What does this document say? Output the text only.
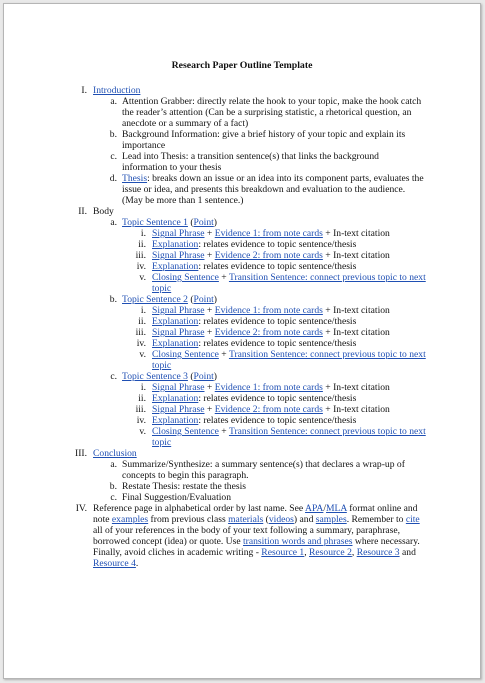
Research Paper Outline Template
I. Introduction
a. Attention Grabber: directly relate the hook to your topic, make the hook catch
the reader’s attention (Can be a surprising statistic, a rhetorical question, an
anecdote or a summary of a fact)
b. Background Information: give a brief history of your topic and explain its
importance
c. Lead into Thesis: a transition sentence(s) that links the background
information to your thesis
d. Thesis: breaks down an issue or an idea into its component parts, evaluates the
issue or idea, and presents this breakdown and evaluation to the audience.
(May be more than 1 sentence.)
II. Body
a. Topic Sentence 1 (Point)
i. Signal Phrase + Evidence 1: from note cards + In-text citation
ii. Explanation: relates evidence to topic sentence/thesis
iii. Signal Phrase + Evidence 2: from note cards + In-text citation
iv. Explanation: relates evidence to topic sentence/thesis
v. Closing Sentence + Transition Sentence: connect previous topic to next
topic
b. Topic Sentence 2 (Point)
i. Signal Phrase + Evidence 1: from note cards + In-text citation
ii. Explanation: relates evidence to topic sentence/thesis
iii. Signal Phrase + Evidence 2: from note cards + In-text citation
iv. Explanation: relates evidence to topic sentence/thesis
v. Closing Sentence + Transition Sentence: connect previous topic to next
topic
c. Topic Sentence 3 (Point)
i. Signal Phrase + Evidence 1: from note cards + In-text citation
ii. Explanation: relates evidence to topic sentence/thesis
iii. Signal Phrase + Evidence 2: from note cards + In-text citation
iv. Explanation: relates evidence to topic sentence/thesis
v. Closing Sentence + Transition Sentence: connect previous topic to next
topic
III. Conclusion
a. Summarize/Synthesize: a summary sentence(s) that declares a wrap-up of
concepts to begin this paragraph.
b. Restate Thesis: restate the thesis
c. Final Suggestion/Evaluation
IV. Reference page in alphabetical order by last name. See APA/MLA format online and
note examples from previous class materials (videos) and samples. Remember to cite
all of your references in the body of your text following a summary, paraphrase,
borrowed concept (idea) or quote. Use transition words and phrases where necessary.
Finally, avoid cliches in academic writing - Resource 1, Resource 2, Resource 3 and
Resource 4.
